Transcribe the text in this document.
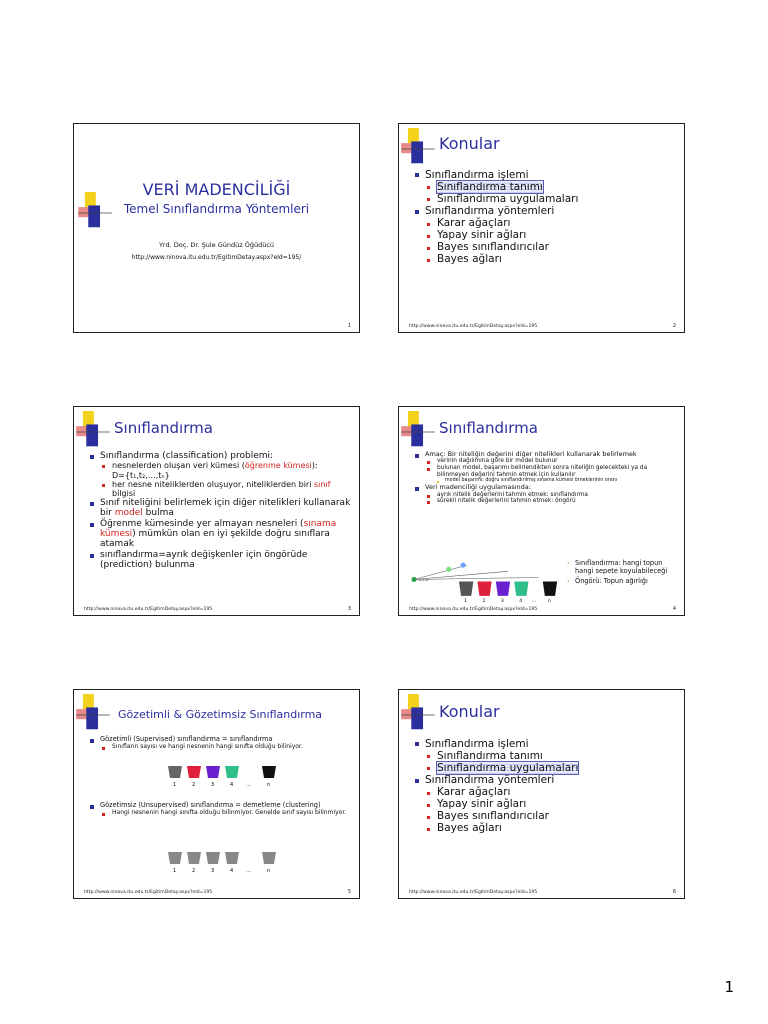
VERİ MADENCİLİĞİ
Temel Sınıflandırma Yöntemleri
Yrd. Doç. Dr. Şule Gündüz Öğüdücü
http://www.ninova.itu.edu.tr/EgitimDetay.aspx?eId=195/
1
Konular
Sınıflandırma işlemi
Sınıflandırma tanımı
Sınıflandırma uygulamaları
Sınıflandırma yöntemleri
Karar ağaçları
Yapay sinir ağları
Bayes sınıflandırıcılar
Bayes ağları
http://www.ninova.itu.edu.tr/EgitimDetay.aspx?eId=195	2
Sınıflandırma
Sınıflandırma (classification) problemi:
nesnelerden oluşan veri kümesi (öğrenme kümesi):
D={t₁,t₂,…,tₙ}
her nesne niteliklerden oluşuyor, niteliklerden biri sınıf bilgisi
Sınıf niteliğini belirlemek için diğer nitelikleri kullanarak bir model bulma
Öğrenme kümesinde yer almayan nesneleri (sınama kümesi) mümkün olan en iyi şekilde doğru sınıflara atamak
sınıflandırma=ayrık değişkenler için öngörüde (prediction) bulunma
http://www.ninova.itu.edu.tr/EgitimDetay.aspx?eId=195	3
Sınıflandırma
Amaç: Bir niteliğin değerini diğer nitelikleri kullanarak belirlemek
verinin dağılımına göre bir model bulunur
bulunan model, başarımı belirlendikten sonra niteliğin gelecekteki ya da bilinmeyen değerini tahmin etmek için kullanılır
model başarımı: doğru sınıflandırılmış sınama kümesi örneklerinin oranı
Veri madenciliği uygulamasında:
ayrık nitelik değerlerini tahmin etmek: sınıflandırma
sürekli nitelik değerlerini tahmin etmek: öngörü
→+→
1	2	3	4 …	n
› Sınıflandırma: hangi topun hangi sepete koyulabileceği
› Öngörü: Topun ağırlığı
http://www.ninova.itu.edu.tr/EgitimDetay.aspx?eId=195	4
Gözetimli & Gözetimsiz Sınıflandırma
Gözetimli (Supervised) sınıflandırma = sınıflandırma
Sınıfların sayısı ve hangi nesnenin hangi sınıfta olduğu biliniyor.
1	2	3	4	…	n
Gözetimsiz (Unsupervised) sınıflandırma = demetleme (clustering)
Hangi nesnenin hangi sınıfta olduğu bilinmiyor. Genelde sınıf sayısı bilinmiyor.
1	2	3	4	…	n
http://www.ninova.itu.edu.tr/EgitimDetay.aspx?eId=195	5
Konular
Sınıflandırma işlemi
Sınıflandırma tanımı
Sınıflandırma uygulamaları
Sınıflandırma yöntemleri
Karar ağaçları
Yapay sinir ağları
Bayes sınıflandırıcılar
Bayes ağları
http://www.ninova.itu.edu.tr/EgitimDetay.aspx?eId=195	6
1
